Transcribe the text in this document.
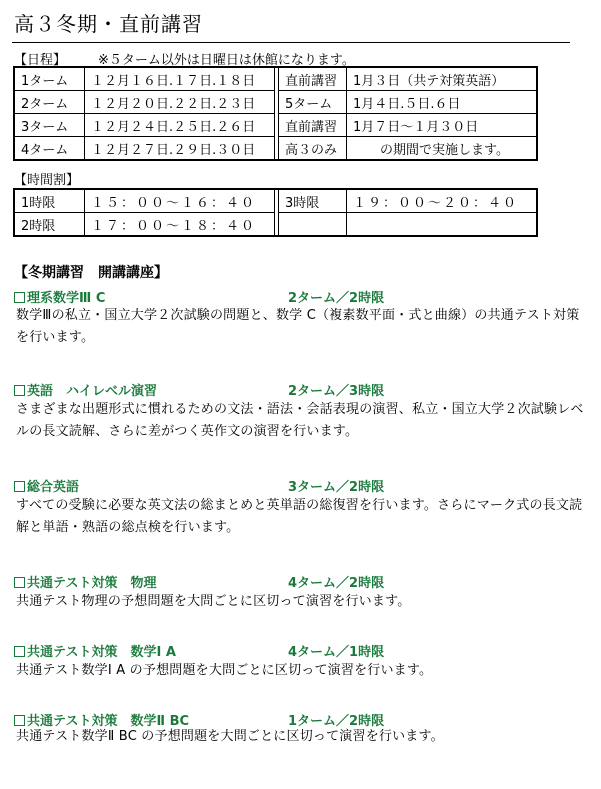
高３冬期・直前講習
【日程】 ※５ターム以外は日曜日は休館になります。
1ターム	１２月１６日.１７日.１８日		直前講習	1月３日（共テ対策英語）
2ターム	１２月２０日.２２日.２３日		5ターム	1月４日.５日.６日
3ターム	１２月２４日.２５日.２６日		直前講習	1月７日～１月３０日
4ターム	１２月２７日.２９日.３０日		高３のみ	の期間で実施します。
【時間割】
1時限	１５：００～１６：４０		3時限	１９：００～２０：４０
2時限	１７：００～１８：４０			
【冬期講習　開講講座】
理系数学Ⅲ C	2ターム／2時限
数学Ⅲの私立・国立大学２次試験の問題と、数学 C（複素数平面・式と曲線）の共通テスト対策を行います。
英語　ハイレベル演習	2ターム／3時限
さまざまな出題形式に慣れるための文法・語法・会話表現の演習、私立・国立大学２次試験レベルの長文読解、さらに差がつく英作文の演習を行います。
総合英語	3ターム／2時限
すべての受験に必要な英文法の総まとめと英単語の総復習を行います。さらにマーク式の長文読解と単語・熟語の総点検を行います。
共通テスト対策　物理	4ターム／2時限
共通テスト物理の予想問題を大問ごとに区切って演習を行います。
共通テスト対策　数学Ⅰ A	4ターム／1時限
共通テスト数学Ⅰ A の予想問題を大問ごとに区切って演習を行います。
共通テスト対策　数学Ⅱ BC	1ターム／2時限
共通テスト数学Ⅱ BC の予想問題を大問ごとに区切って演習を行います。
